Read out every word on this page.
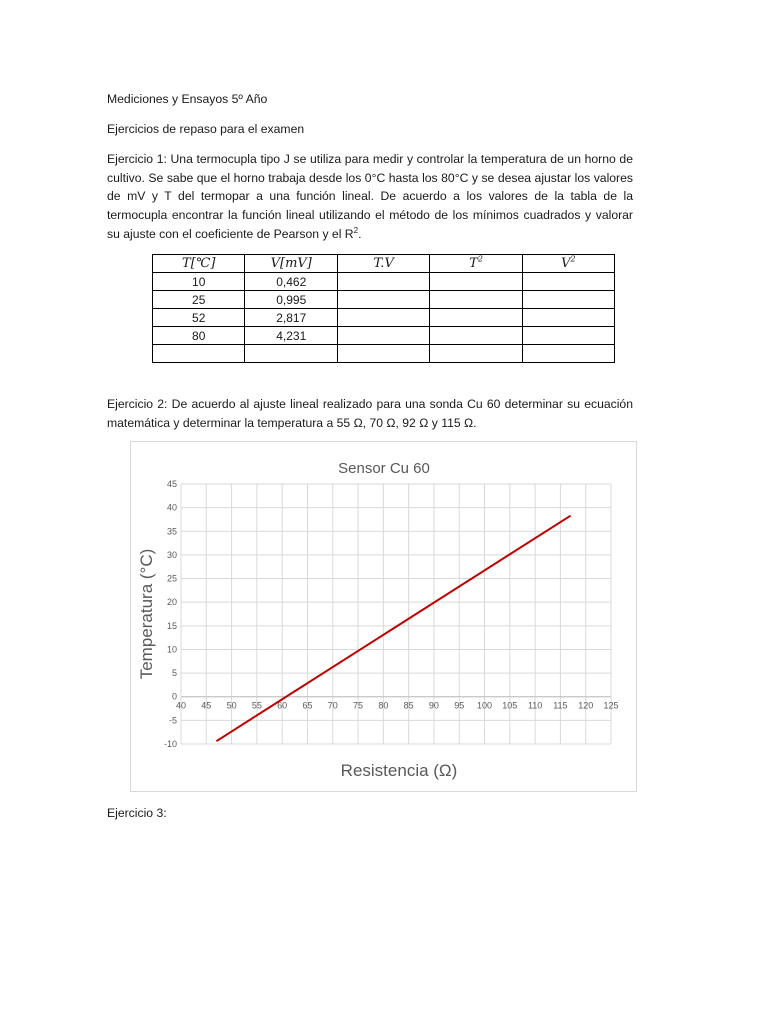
Mediciones y Ensayos 5º Año
Ejercicios de repaso para el examen
Ejercicio 1: Una termocupla tipo J se utiliza para medir y controlar la temperatura de un horno de cultivo. Se sabe que el horno trabaja desde los 0°C hasta los 80°C y se desea ajustar los valores de mV y T del termopar a una función lineal. De acuerdo a los valores de la tabla de la termocupla encontrar la función lineal utilizando el método de los mínimos cuadrados y valorar su ajuste con el coeficiente de Pearson y el $R^2$.
T[℃]	V[mV]	T.V	$T^2$	$V^2$
10	0,462			
25	0,995			
52	2,817			
80	4,231			

Ejercicio 2: De acuerdo al ajuste lineal realizado para una sonda Cu 60 determinar su ecuación matemática y determinar la temperatura a 55 Ω, 70 Ω, 92 Ω y 115 Ω.
40 45 50 55 60 65 70 75 80 85 90 95 100 105 110 115 120 125
-10
-5
0
5
10
15
20
25
30
35
40
45
Sensor Cu 60
Resistencia (Ω)
Temperatura (°C)
Ejercicio 3:
